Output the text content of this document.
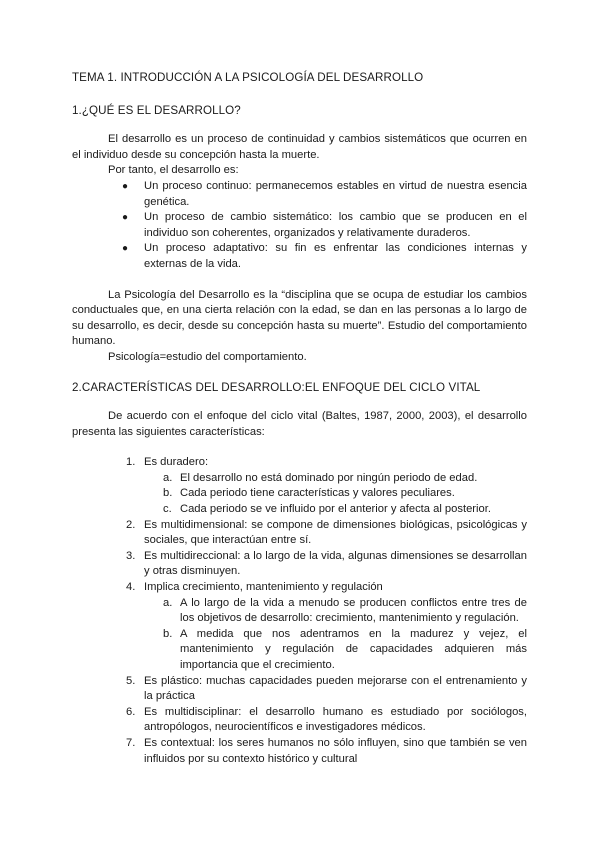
TEMA 1. INTRODUCCIÓN A LA PSICOLOGÍA DEL DESARROLLO

1.¿QUÉ ES EL DESARROLLO?

El desarrollo es un proceso de continuidad y cambios sistemáticos que ocurren en el individuo desde su concepción hasta la muerte.

Por tanto, el desarrollo es:

● Un proceso continuo: permanecemos estables en virtud de nuestra esencia genética.
● Un proceso de cambio sistemático: los cambio que se producen en el individuo son coherentes, organizados y relativamente duraderos.
● Un proceso adaptativo: su fin es enfrentar las condiciones internas y externas de la vida.

La Psicología del Desarrollo es la “disciplina que se ocupa de estudiar los cambios conductuales que, en una cierta relación con la edad, se dan en las personas a lo largo de su desarrollo, es decir, desde su concepción hasta su muerte”. Estudio del comportamiento humano.

Psicología=estudio del comportamiento.

2.CARACTERÍSTICAS DEL DESARROLLO:EL ENFOQUE DEL CICLO VITAL

De acuerdo con el enfoque del ciclo vital (Baltes, 1987, 2000, 2003), el desarrollo presenta las siguientes características:

1. Es duradero:
a. El desarrollo no está dominado por ningún periodo de edad.
b. Cada periodo tiene características y valores peculiares.
c. Cada periodo se ve influido por el anterior y afecta al posterior.
2. Es multidimensional: se compone de dimensiones biológicas, psicológicas y sociales, que interactúan entre sí.
3. Es multidireccional: a lo largo de la vida, algunas dimensiones se desarrollan y otras disminuyen.
4. Implica crecimiento, mantenimiento y regulación
a. A lo largo de la vida a menudo se producen conflictos entre tres de los objetivos de desarrollo: crecimiento, mantenimiento y regulación.
b. A medida que nos adentramos en la madurez y vejez, el mantenimiento y regulación de capacidades adquieren más importancia que el crecimiento.
5. Es plástico: muchas capacidades pueden mejorarse con el entrenamiento y la práctica
6. Es multidisciplinar: el desarrollo humano es estudiado por sociólogos, antropólogos, neurocientíficos e investigadores médicos.
7. Es contextual: los seres humanos no sólo influyen, sino que también se ven influidos por su contexto histórico y cultural
